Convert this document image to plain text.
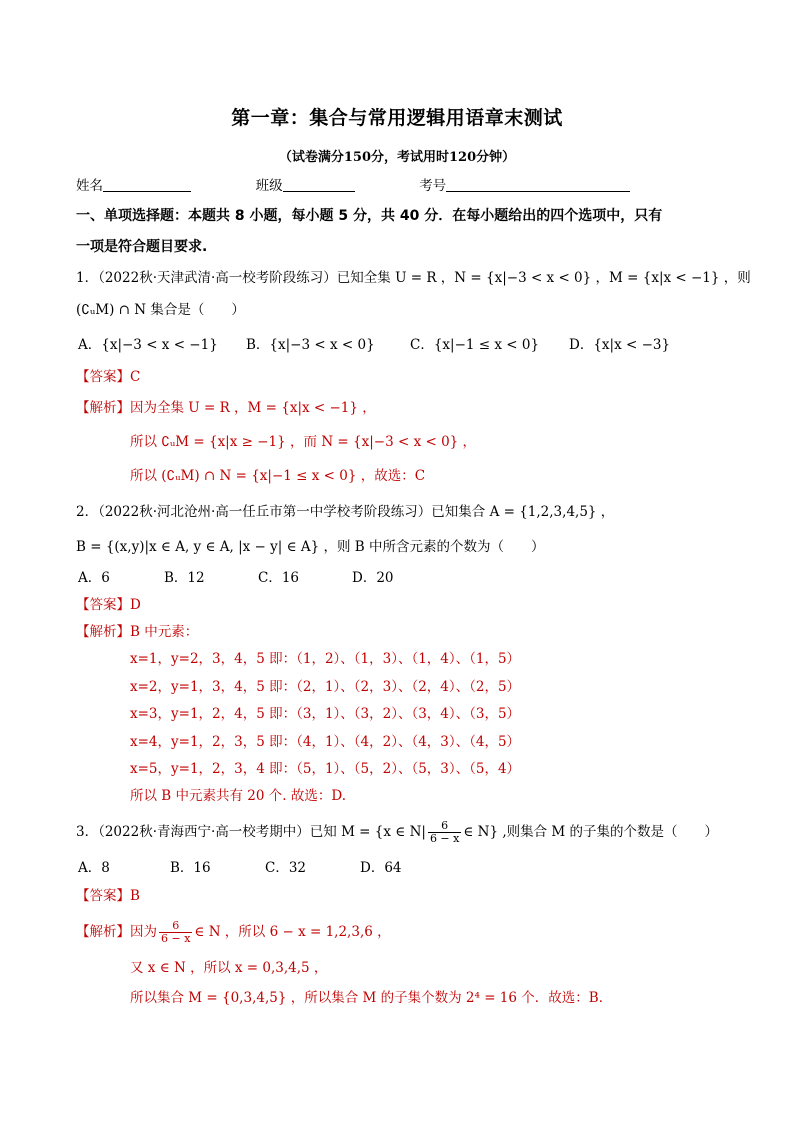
第一章：集合与常用逻辑用语章末测试
（试卷满分150分，考试用时120分钟）
姓名	班级	考号
一、单项选择题：本题共 8 小题，每小题 5 分，共 40 分．在每小题给出的四个选项中，只有
一项是符合题目要求.
1．（2022秋·天津武清·高一校考阶段练习）已知全集 U = R ，N = {x|−3 < x < 0} ，M = {x|x < −1} ，则
(∁ᵤM) ∩ N 集合是（　　）
A．{x|−3 < x < −1} B．{x|−3 < x < 0}	C．{x|−1 ≤ x < 0} D．{x|x < −3}
【答案】C
【解析】因为全集 U = R ，M = {x|x < −1} ，
所以 ∁ᵤM = {x|x ≥ −1} ，而 N = {x|−3 < x < 0} ，
所以 (∁ᵤM) ∩ N = {x|−1 ≤ x < 0} ，故选：C
2．（2022秋·河北沧州·高一任丘市第一中学校考阶段练习）已知集合 A = {1,2,3,4,5} ，
B = {(x,y)|x ∈ A, y ∈ A, |x − y| ∈ A} ，则 B 中所含元素的个数为（　　）
A．6	B．12	C．16	D．20
【答案】D
【解析】B 中元素：
x=1，y=2，3，4，5 即：（1，2）、（1，3）、（1，4）、（1，5）
x=2，y=1，3，4，5 即：（2，1）、（2，3）、（2，4）、（2，5）
x=3，y=1，2，4，5 即：（3，1）、（3，2）、（3，4）、（3，5）
x=4，y=1，2，3，5 即：（4，1）、（4，2）、（4，3）、（4，5）
x=5，y=1，2，3，4 即：（5，1）、（5，2）、（5，3）、（5，4）
所以 B 中元素共有 20 个. 故选：D.
3．（2022秋·青海西宁·高一校考期中）已知 M = {x ∈ $N| \frac{6}{6 - x}$ ∈ N} ,则集合 M 的子集的个数是（　　）
A．8	B．16	C．32	D．64
【答案】B
【解析】因为 $\frac{6}{6 - x}$ ∈ N ，所以 6 − x = 1,2,3,6 ，
又 x ∈ N ，所以 x = 0,3,4,5 ，
所以集合 M = {0,3,4,5} ，所以集合 M 的子集个数为 2⁴ = 16 个．故选：B．
